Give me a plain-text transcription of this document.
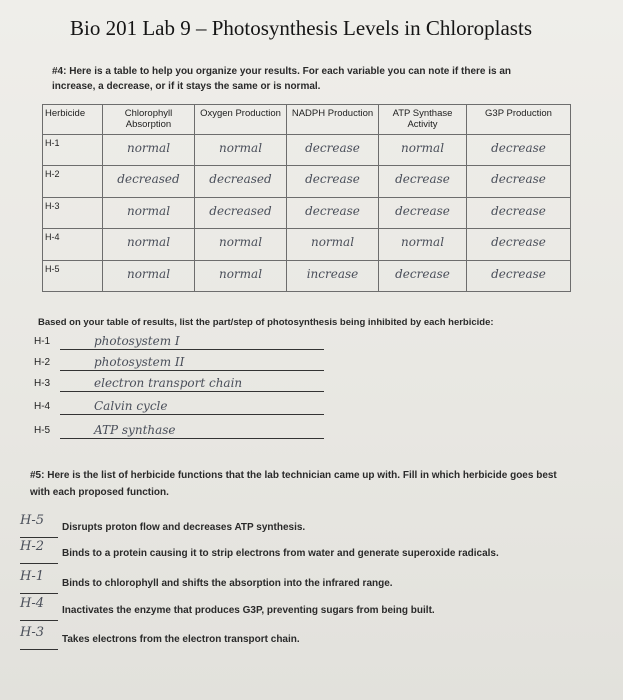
Bio 201 Lab 9 – Photosynthesis Levels in Chloroplasts
#4: Here is a table to help you organize your results. For each variable you can note if there is an increase, a decrease, or if it stays the same or is normal.
Herbicide	Chlorophyll Absorption	Oxygen Production	NADPH Production	ATP Synthase Activity	G3P Production
H-1	normal	normal	decrease	normal	decrease
H-2	decreased	decreased	decrease	decrease	decrease
H-3	normal	decreased	decrease	decrease	decrease
H-4	normal	normal	normal	normal	decrease
H-5	normal	normal	increase	decrease	decrease
Based on your table of results, list the part/step of photosynthesis being inhibited by each herbicide:
H-1	photosystem I
H-2	photosystem II
H-3	electron transport chain
H-4	Calvin cycle
H-5	ATP synthase
#5: Here is the list of herbicide functions that the lab technician came up with. Fill in which herbicide goes best with each proposed function.
H-5 Disrupts proton flow and decreases ATP synthesis.
H-2 Binds to a protein causing it to strip electrons from water and generate superoxide radicals.
H-1 Binds to chlorophyll and shifts the absorption into the infrared range.
H-4 Inactivates the enzyme that produces G3P, preventing sugars from being built.
H-3 Takes electrons from the electron transport chain.
